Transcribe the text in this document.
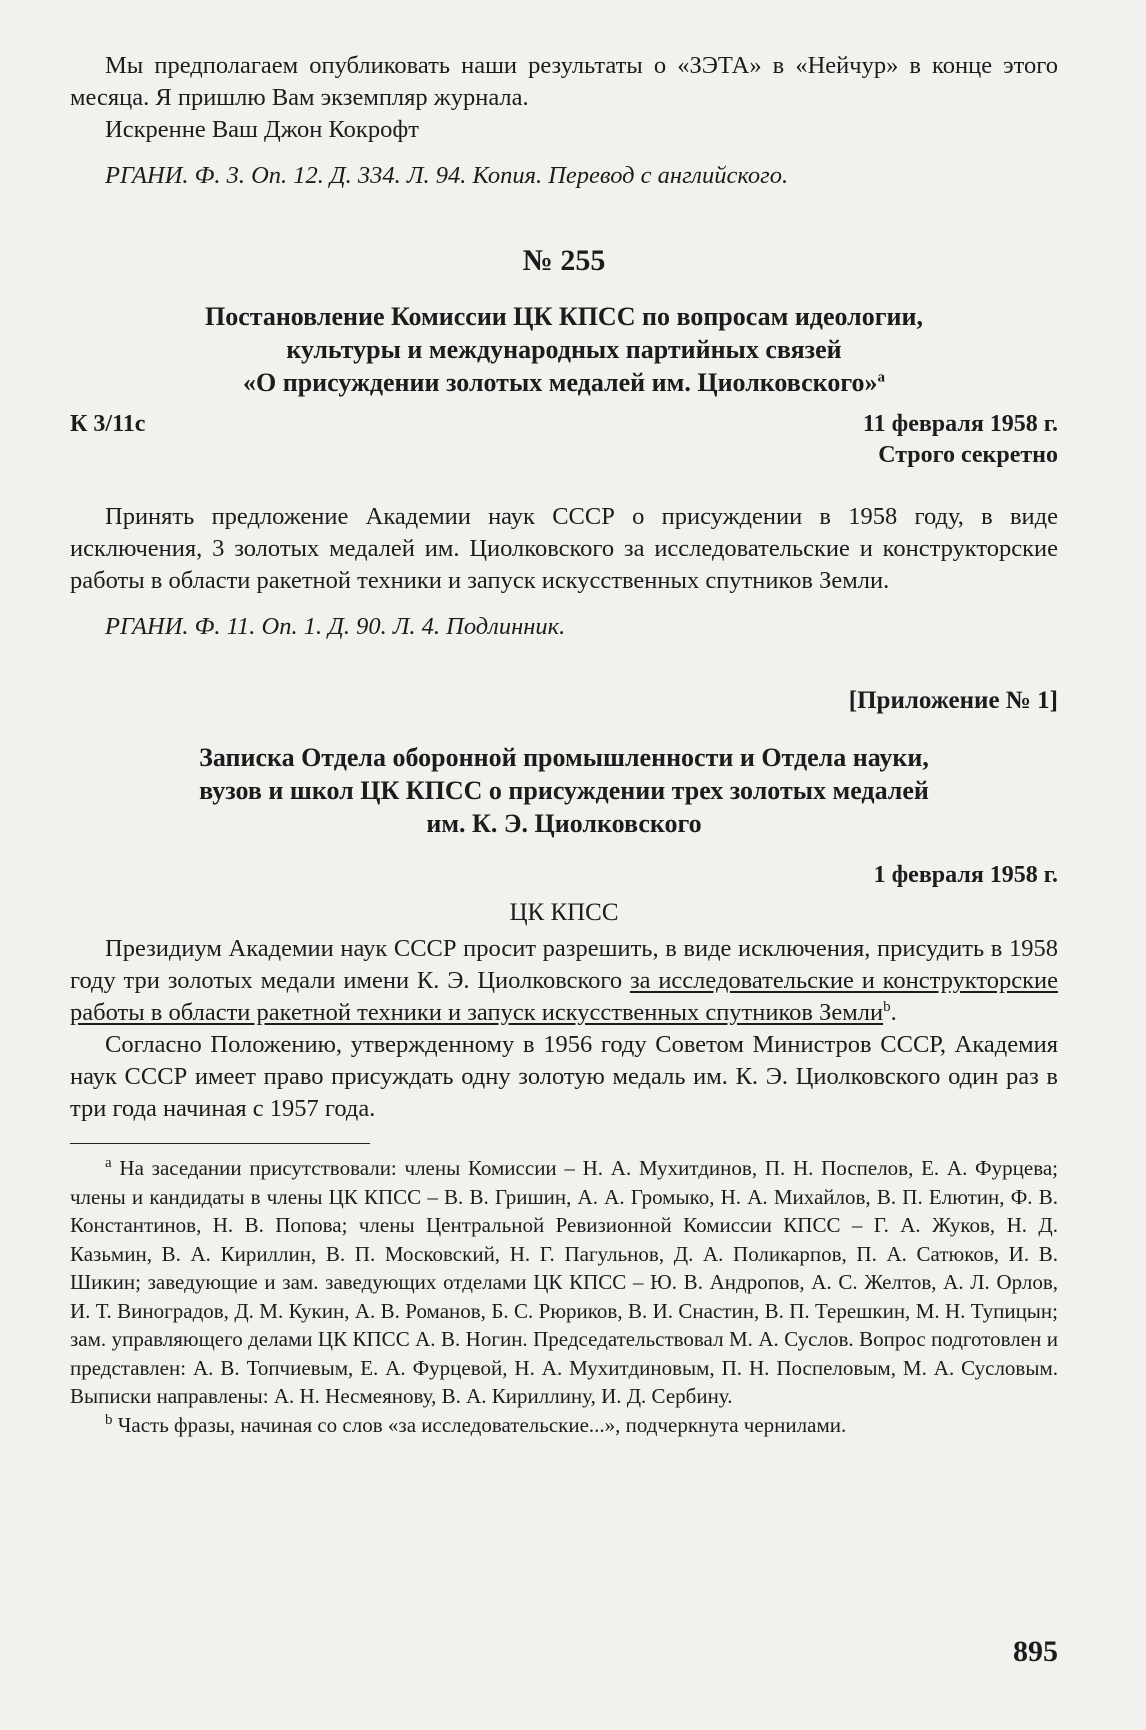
Мы предполагаем опубликовать наши результаты о «ЗЭТА» в «Нейчур» в конце этого месяца. Я пришлю Вам экземпляр журнала.

Искренне Ваш Джон Кокрофт

РГАНИ. Ф. 3. Оп. 12. Д. 334. Л. 94. Копия. Перевод с английского.

№ 255
Постановление Комиссии ЦК КПСС по вопросам идеологии,
культуры и международных партийных связей
«О присуждении золотых медалей им. Циолковского»$^a$
К 3/11с	11 февраля 1958 г.
Строго секретно

Принять предложение Академии наук СССР о присуждении в 1958 году, в виде исключения, 3 золотых медалей им. Циолковского за исследовательские и конструкторские работы в области ракетной техники и запуск искусственных спутников Земли.

РГАНИ. Ф. 11. Оп. 1. Д. 90. Л. 4. Подлинник.

[Приложение № 1]
Записка Отдела оборонной промышленности и Отдела науки,
вузов и школ ЦК КПСС о присуждении трех золотых медалей
им. К. Э. Циолковского
1 февраля 1958 г.
ЦК КПСС

Президиум Академии наук СССР просит разрешить, в виде исключения, присудить в 1958 году три золотых медали имени К. Э. Циолковского за исследовательские и конструкторские работы в области ракетной техники и запуск искусственных спутников Земли$^b$.

Согласно Положению, утвержденному в 1956 году Советом Министров СССР, Академия наук СССР имеет право присуждать одну золотую медаль им. К. Э. Циолковского один раз в три года начиная с 1957 года.

$^a$ На заседании присутствовали: члены Комиссии – Н. А. Мухитдинов, П. Н. Поспелов, Е. А. Фурцева; члены и кандидаты в члены ЦК КПСС – В. В. Гришин, А. А. Громыко, Н. А. Михайлов, В. П. Елютин, Ф. В. Константинов, Н. В. Попова; члены Центральной Ревизионной Комиссии КПСС – Г. А. Жуков, Н. Д. Казьмин, В. А. Кириллин, В. П. Московский, Н. Г. Пагульнов, Д. А. Поликарпов, П. А. Сатюков, И. В. Шикин; заведующие и зам. заведующих отделами ЦК КПСС – Ю. В. Андропов, А. С. Желтов, А. Л. Орлов, И. Т. Виноградов, Д. М. Кукин, А. В. Романов, Б. С. Рюриков, В. И. Снастин, В. П. Терешкин, М. Н. Тупицын; зам. управляющего делами ЦК КПСС А. В. Ногин. Председательствовал М. А. Суслов. Вопрос подготовлен и представлен: А. В. Топчиевым, Е. А. Фурцевой, Н. А. Мухитдиновым, П. Н. Поспеловым, М. А. Сусловым. Выписки направлены: А. Н. Несмеянову, В. А. Кириллину, И. Д. Сербину.

$^b$ Часть фразы, начиная со слов «за исследовательские...», подчеркнута чернилами.

895
